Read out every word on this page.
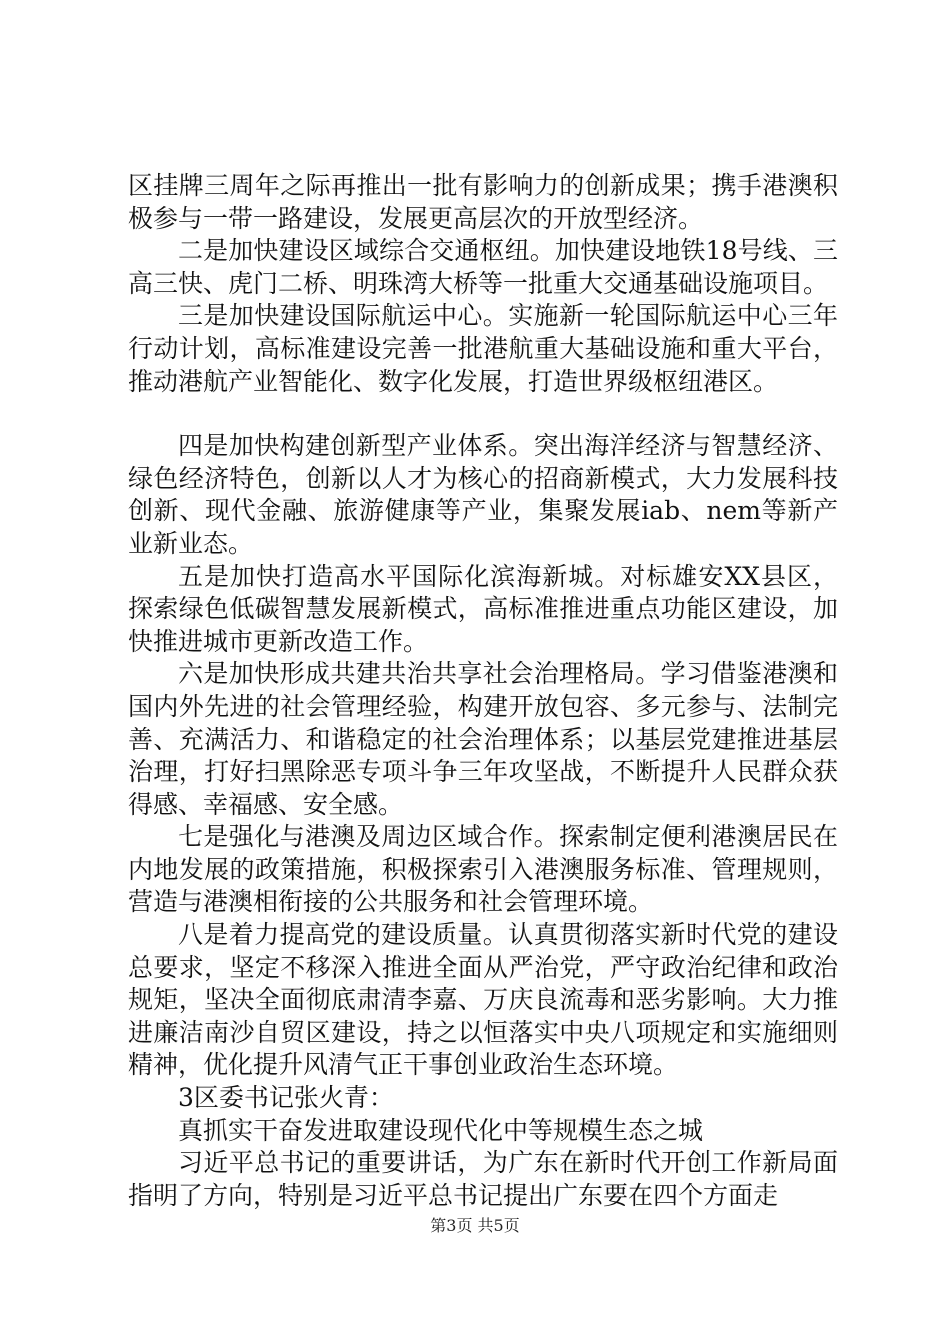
区挂牌三周年之际再推出一批有影响力的创新成果；携手港澳积极参与一带一路建设，发展更高层次的开放型经济。

二是加快建设区域综合交通枢纽。加快建设地铁18号线、三高三快、虎门二桥、明珠湾大桥等一批重大交通基础设施项目。

三是加快建设国际航运中心。实施新一轮国际航运中心三年行动计划，高标准建设完善一批港航重大基础设施和重大平台，推动港航产业智能化、数字化发展，打造世界级枢纽港区。

四是加快构建创新型产业体系。突出海洋经济与智慧经济、绿色经济特色，创新以人才为核心的招商新模式，大力发展科技创新、现代金融、旅游健康等产业，集聚发展iab、nem等新产业新业态。

五是加快打造高水平国际化滨海新城。对标雄安XX县区，探索绿色低碳智慧发展新模式，高标准推进重点功能区建设，加快推进城市更新改造工作。

六是加快形成共建共治共享社会治理格局。学习借鉴港澳和国内外先进的社会管理经验，构建开放包容、多元参与、法制完善、充满活力、和谐稳定的社会治理体系；以基层党建推进基层治理，打好扫黑除恶专项斗争三年攻坚战，不断提升人民群众获得感、幸福感、安全感。

七是强化与港澳及周边区域合作。探索制定便利港澳居民在内地发展的政策措施，积极探索引入港澳服务标准、管理规则，营造与港澳相衔接的公共服务和社会管理环境。

八是着力提高党的建设质量。认真贯彻落实新时代党的建设总要求，坚定不移深入推进全面从严治党，严守政治纪律和政治规矩，坚决全面彻底肃清李嘉、万庆良流毒和恶劣影响。大力推进廉洁南沙自贸区建设，持之以恒落实中央八项规定和实施细则精神，优化提升风清气正干事创业政治生态环境。

3区委书记张火青：

真抓实干奋发进取建设现代化中等规模生态之城

习近平总书记的重要讲话，为广东在新时代开创工作新局面指明了方向，特别是习近平总书记提出广东要在四个方面走

第3页 共5页
